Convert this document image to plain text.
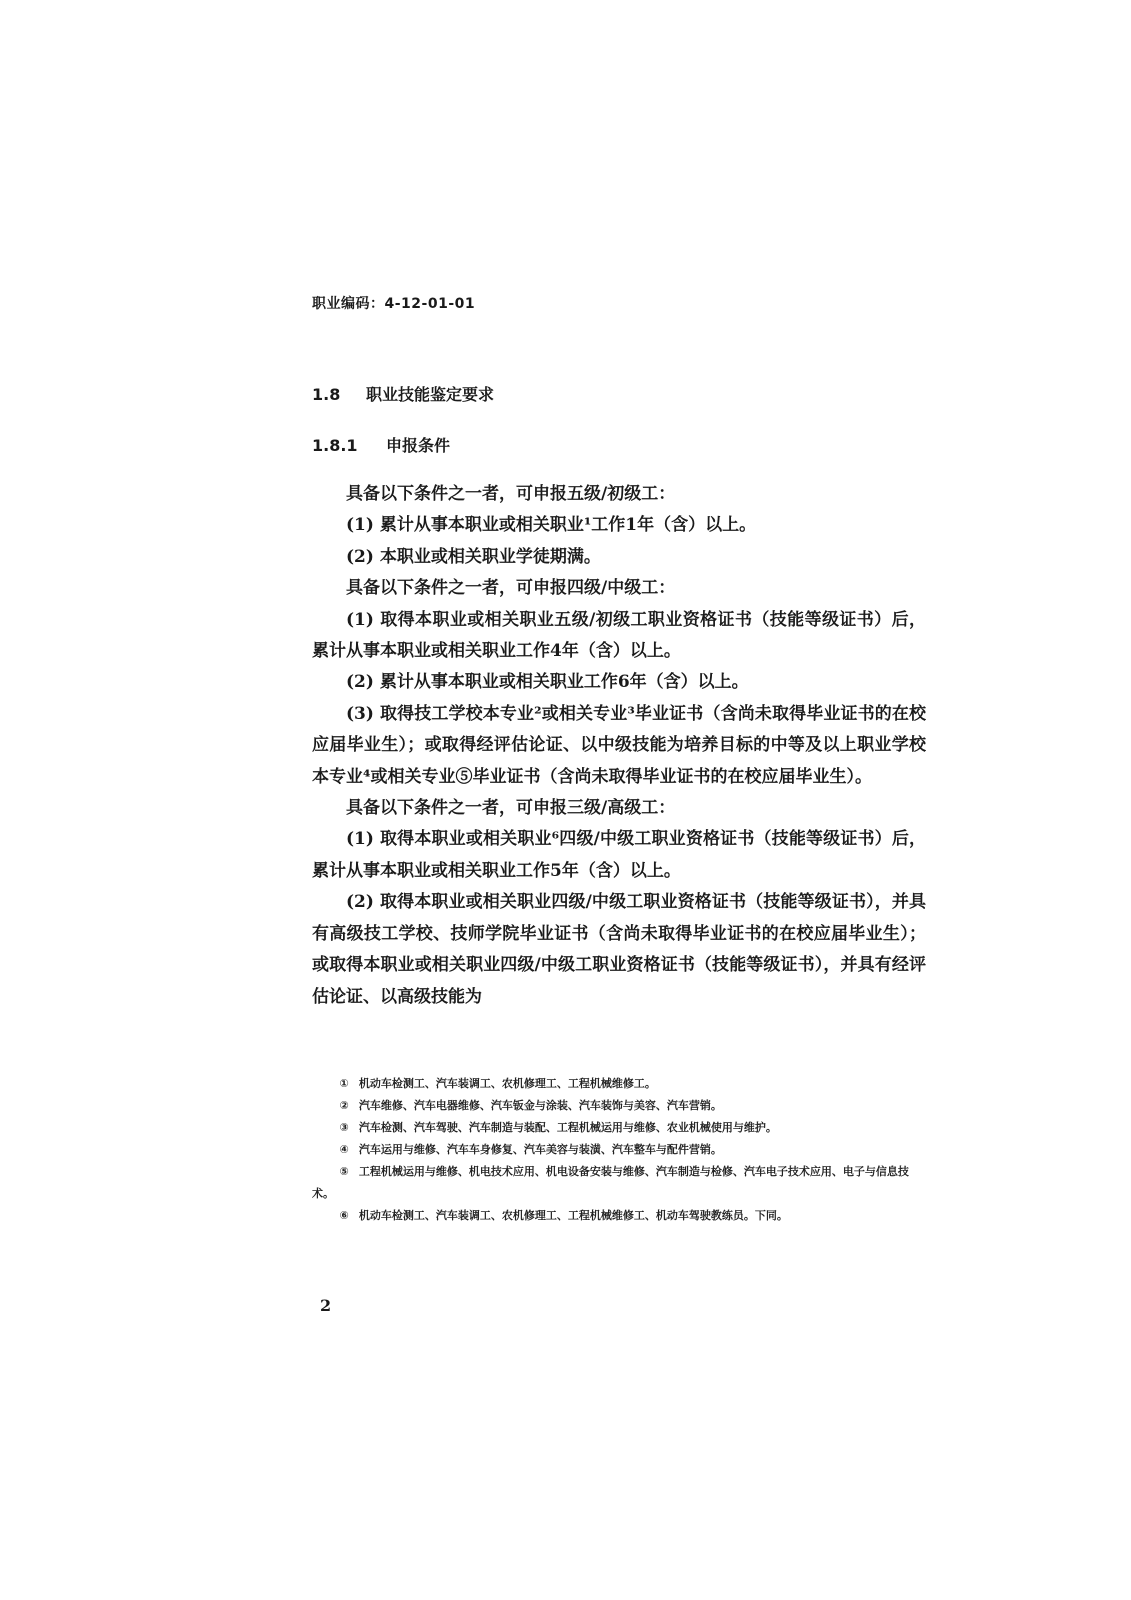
职业编码：4-12-01-01
1.8 职业技能鉴定要求
1.8.1 申报条件

具备以下条件之一者，可申报五级/初级工：

(1) 累计从事本职业或相关职业¹工作1年（含）以上。

(2) 本职业或相关职业学徒期满。

具备以下条件之一者，可申报四级/中级工：

(1) 取得本职业或相关职业五级/初级工职业资格证书（技能等级证书）后，累计从事本职业或相关职业工作4年（含）以上。

(2) 累计从事本职业或相关职业工作6年（含）以上。

(3) 取得技工学校本专业²或相关专业³毕业证书（含尚未取得毕业证书的在校应届毕业生）；或取得经评估论证、以中级技能为培养目标的中等及以上职业学校本专业⁴或相关专业⑤毕业证书（含尚未取得毕业证书的在校应届毕业生）。

具备以下条件之一者，可申报三级/高级工：

(1) 取得本职业或相关职业⁶四级/中级工职业资格证书（技能等级证书）后，累计从事本职业或相关职业工作5年（含）以上。

(2) 取得本职业或相关职业四级/中级工职业资格证书（技能等级证书），并具有高级技工学校、技师学院毕业证书（含尚未取得毕业证书的在校应届毕业生）；或取得本职业或相关职业四级/中级工职业资格证书（技能等级证书），并具有经评估论证、以高级技能为

① 机动车检测工、汽车装调工、农机修理工、工程机械维修工。

② 汽车维修、汽车电器维修、汽车钣金与涂装、汽车装饰与美容、汽车营销。

③ 汽车检测、汽车驾驶、汽车制造与装配、工程机械运用与维修、农业机械使用与维护。

④ 汽车运用与维修、汽车车身修复、汽车美容与装潢、汽车整车与配件营销。

⑤ 工程机械运用与维修、机电技术应用、机电设备安装与维修、汽车制造与检修、汽车电子技术应用、电子与信息技术。

⑥ 机动车检测工、汽车装调工、农机修理工、工程机械维修工、机动车驾驶教练员。下同。

2
